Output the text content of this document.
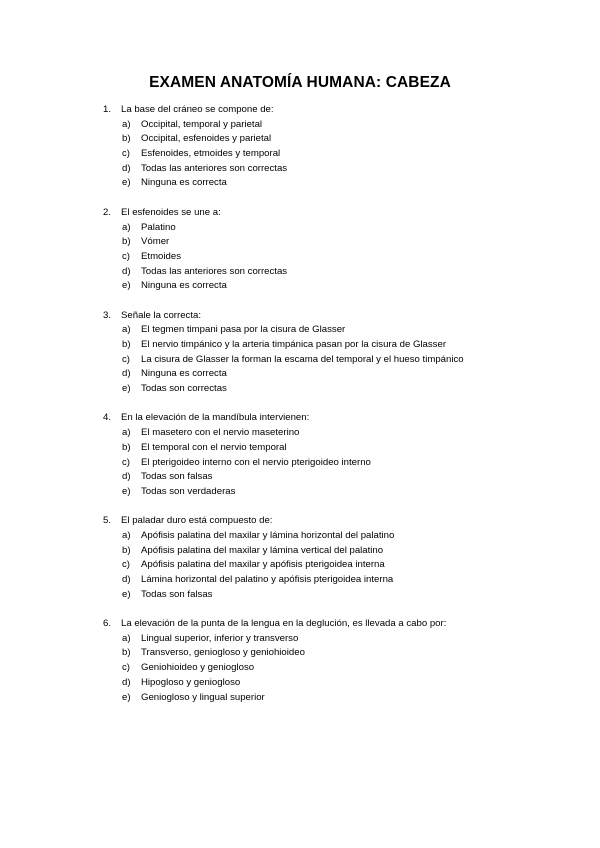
EXAMEN ANATOMÍA HUMANA: CABEZA
1.	La base del cráneo se compone de:
a)	Occipital, temporal y parietal
b)	Occipital, esfenoides y parietal
c)	Esfenoides, etmoides y temporal
d)	Todas las anteriores son correctas
e)	Ninguna es correcta
2.	El esfenoides se une a:
a)	Palatino
b)	Vómer
c)	Etmoides
d)	Todas las anteriores son correctas
e)	Ninguna es correcta
3.	Señale la correcta:
a)	El tegmen timpani pasa por la cisura de Glasser
b)	El nervio timpánico y la arteria timpánica pasan por la cisura de Glasser
c)	La cisura de Glasser la forman la escama del temporal y el hueso timpánico
d)	Ninguna es correcta
e)	Todas son correctas
4.	En la elevación de la mandíbula intervienen:
a)	El masetero con el nervio maseterino
b)	El temporal con el nervio temporal
c)	El pterigoideo interno con el nervio pterigoideo interno
d)	Todas son falsas
e)	Todas son verdaderas
5.	El paladar duro está compuesto de:
a)	Apófisis palatina del maxilar y lámina horizontal del palatino
b)	Apófisis palatina del maxilar y lámina vertical del palatino
c)	Apófisis palatina del maxilar y apófisis pterigoidea interna
d)	Lámina horizontal del palatino y apófisis pterigoidea interna
e)	Todas son falsas
6.	La elevación de la punta de la lengua en la deglución, es llevada a cabo por:
a)	Lingual superior, inferior y transverso
b)	Transverso, geniogloso y geniohioideo
c)	Geniohioideo y geniogloso
d)	Hipogloso y geniogloso
e)	Geniogloso y lingual superior
